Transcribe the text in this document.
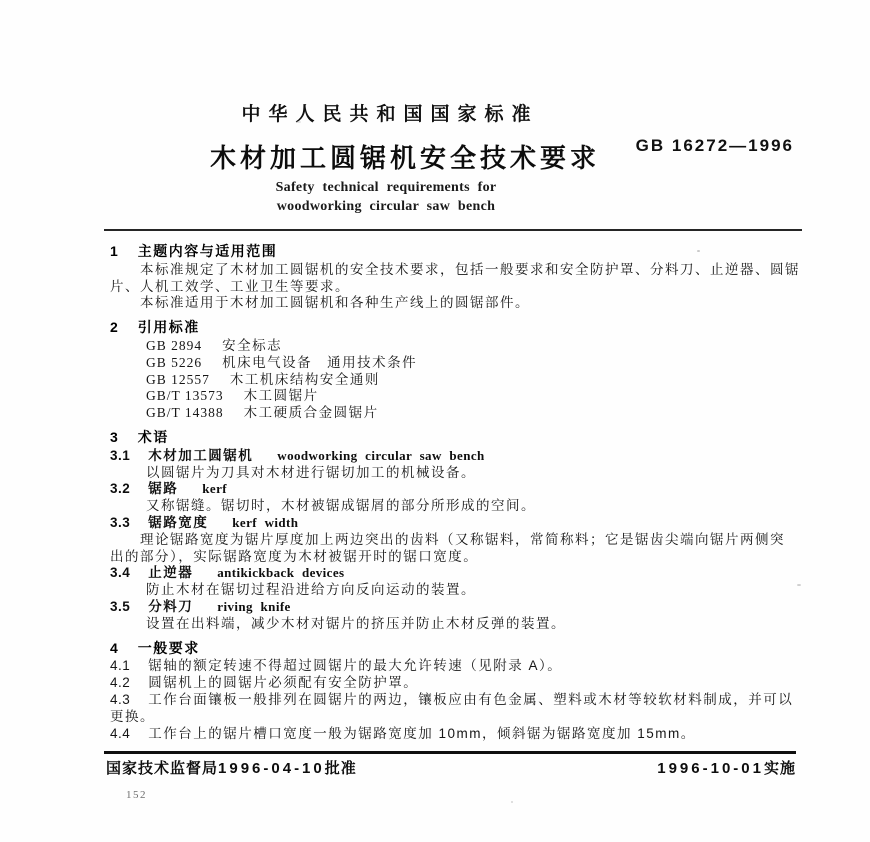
中华人民共和国国家标准
木材加工圆锯机安全技术要求	GB 16272—1996
Safety technical requirements for
woodworking circular saw bench
1 主题内容与适用范围
本标准规定了木材加工圆锯机的安全技术要求，包括一般要求和安全防护罩、分料刀、止逆器、圆锯
片、人机工效学、工业卫生等要求。
本标准适用于木材加工圆锯机和各种生产线上的圆锯部件。
2 引用标准
GB 2894 安全标志
GB 5226 机床电气设备　通用技术条件
GB 12557 木工机床结构安全通则
GB/T 13573 木工圆锯片
GB/T 14388 木工硬质合金圆锯片
3 术语
3.1 木材加工圆锯机 woodworking circular saw bench
以圆锯片为刀具对木材进行锯切加工的机械设备。
3.2 锯路 kerf
又称锯缝。锯切时，木材被锯成锯屑的部分所形成的空间。
3.3 锯路宽度 kerf width
理论锯路宽度为锯片厚度加上两边突出的齿料（又称锯料，常简称料；它是锯齿尖端向锯片两侧突
出的部分），实际锯路宽度为木材被锯开时的锯口宽度。
3.4 止逆器 antikickback devices
防止木材在锯切过程沿进给方向反向运动的装置。
3.5 分料刀 riving knife
设置在出料端，减少木材对锯片的挤压并防止木材反弹的装置。
4 一般要求
4.1 锯轴的额定转速不得超过圆锯片的最大允许转速（见附录 A）。
4.2 圆锯机上的圆锯片必须配有安全防护罩。
4.3 工作台面镶板一般排列在圆锯片的两边，镶板应由有色金属、塑料或木材等较软材料制成，并可以
更换。
4.4 工作台上的锯片槽口宽度一般为锯路宽度加 10mm，倾斜锯为锯路宽度加 15mm。
国家技术监督局1996-04-10批准	1996-10-01实施
152
